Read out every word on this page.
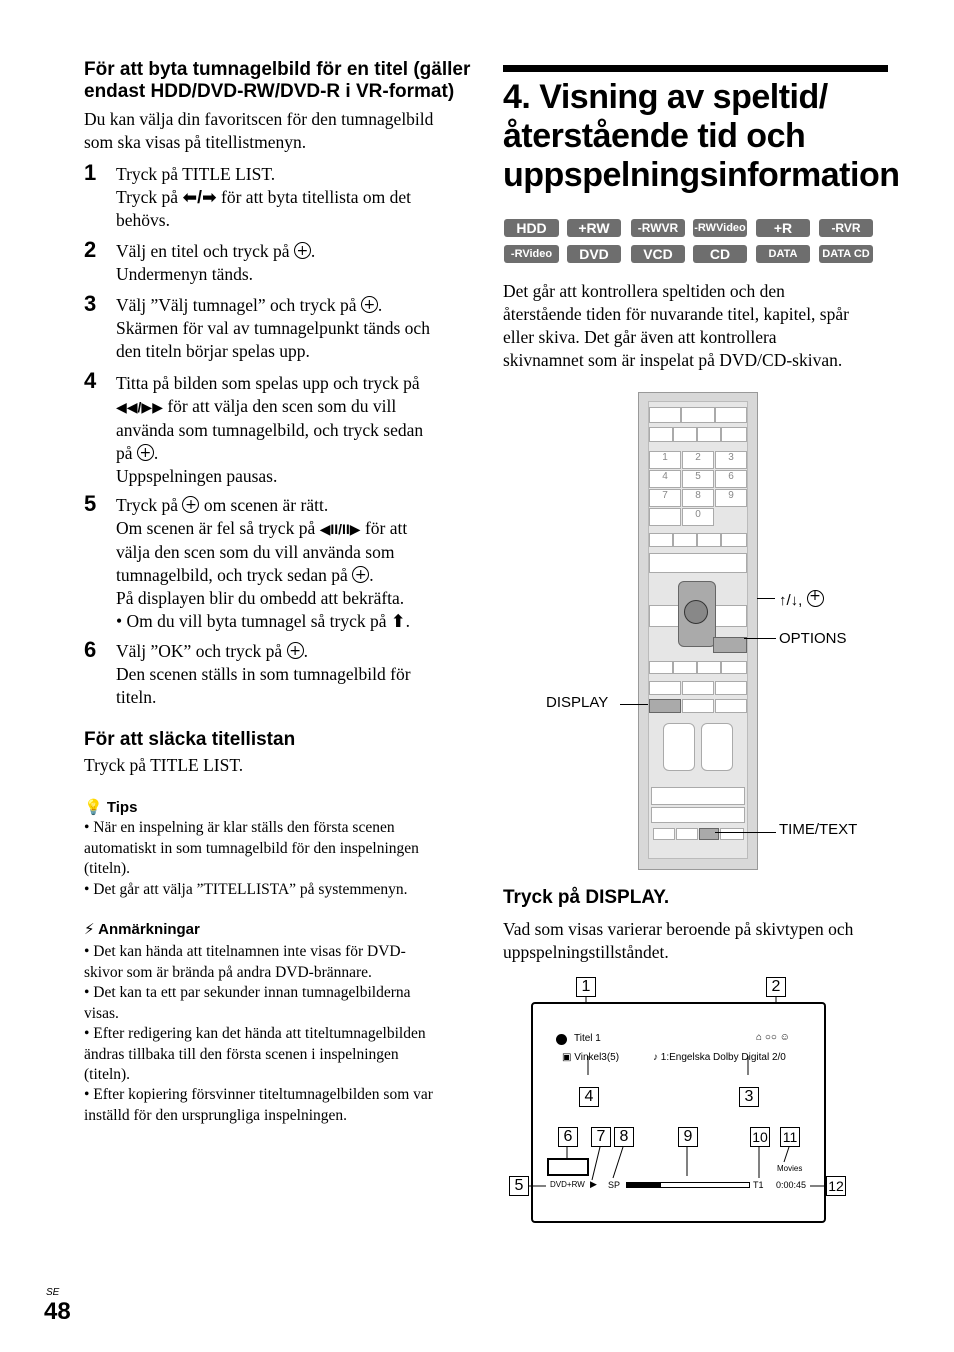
För att byta tumnagelbild för en titel (gäller
endast HDD/DVD-RW/DVD-R i VR-format)
Du kan välja din favoritscen för den tumnagelbild
som ska visas på titellistmenyn.
1 Tryck på TITLE LIST.
Tryck på ⬅/➡ för att byta titellista om det
behövs.
2 Välj en titel och tryck på +.
Undermenyn tänds.
3 Välj ”Välj tumnagel” och tryck på +.
Skärmen för val av tumnagelpunkt tänds och
den titeln börjar spelas upp.
4 Titta på bilden som spelas upp och tryck på
◀◀/▶▶ för att välja den scen som du vill
använda som tumnagelbild, och tryck sedan
på +.
Uppspelningen pausas.
5 Tryck på + om scenen är rätt.
Om scenen är fel så tryck på ◀II/II▶ för att
välja den scen som du vill använda som
tumnagelbild, och tryck sedan på +.
På displayen blir du ombedd att bekräfta.
• Om du vill byta tumnagel så tryck på ⬆.
6 Välj ”OK” och tryck på +.
Den scenen ställs in som tumnagelbild för
titeln.
För att släcka titellistan
Tryck på TITLE LIST.
💡 Tips
• När en inspelning är klar ställs den första scenen
automatiskt in som tumnagelbild för den inspelningen
(titeln).
• Det går att välja ”TITELLISTA” på systemmenyn.
⚡ Anmärkningar
• Det kan hända att titelnamnen inte visas för DVD-
skivor som är brända på andra DVD-brännare.
• Det kan ta ett par sekunder innan tumnagelbilderna
visas.
• Efter redigering kan det hända att titeltumnagelbilden
ändras tillbaka till den första scenen i inspelningen
(titeln).
• Efter kopiering försvinner titeltumnagelbilden som var
inställd för den ursprungliga inspelningen.
4. Visning av speltid/
återstående tid och
uppspelningsinformation
HDD	+RW	-RWVR	-RWVideo	+R	-RVR
-RVideo	DVD	VCD	CD	DATA DVD
DATA CD
Det går att kontrollera speltiden och den
återstående tiden för nuvarande titel, kapitel, spår
eller skiva. Det går även att kontrollera
skivnamnet som är inspelat på DVD/CD-skivan.
1	2	3
4	5	6
7	8	9
0
↑/↓, +
OPTIONS
DISPLAY
TIME/TEXT
Tryck på DISPLAY.
Vad som visas varierar beroende på skivtypen och
uppspelningstillståndet.
Titel 1	⌂ ○○ ☺
▣ Vinkel3(5)	♪ 1:Engelska Dolby Digital 2/0
DVD+RW ▶ SP	T1
Movies
0:00:45
1	2
3
4
5
6	7 8	9	10 11
12
SE
48
